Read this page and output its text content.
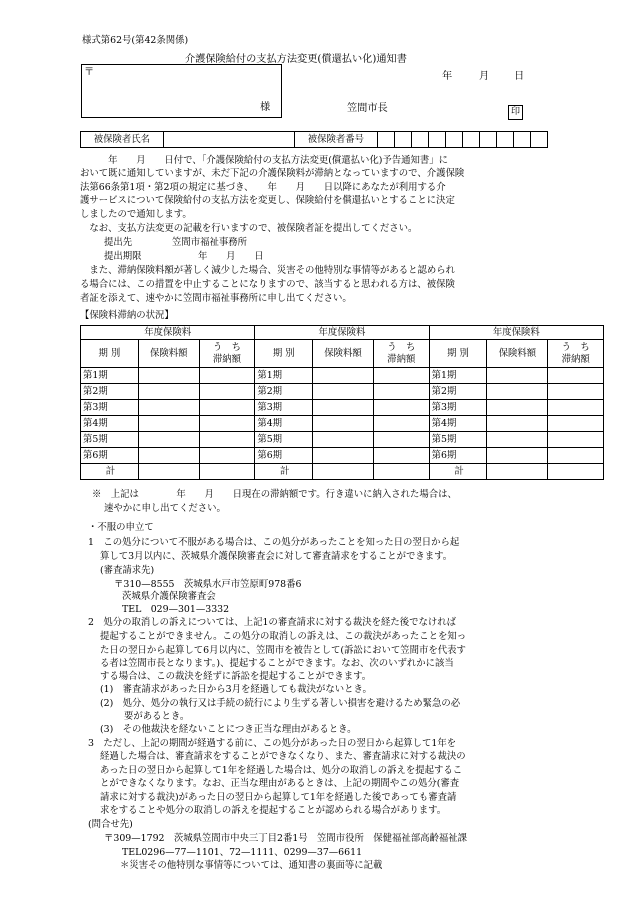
様式第62号(第42条関係)
介護保険給付の支払方法変更(償還払い化)通知書
〒
様
年	月 日
笠間市長	印
被保険者氏名		被保険者番号										
　　　年　　月　　日付で、「介護保険給付の支払方法変更(償還払い化)予告通知書」に
おいて既に通知していますが、未だ下記の介護保険料が滞納となっていますので、介護保険
法第66条第1項・第2項の規定に基づき、　　年　　月　　日以降にあなたが利用する介
護サービスについて保険給付の支払方法を変更し、保険給付を償還払いとすることに決定
しましたので通知します。
　なお、支払方法変更の記載を行いますので、被保険者証を提出してください。
提出先	笠間市福祉事務所
提出期限	年　　月　　日
　また、滞納保険料額が著しく減少した場合、災害その他特別な事情等があると認められ
る場合には、この措置を中止することになりますので、該当すると思われる方は、被保険
者証を添えて、速やかに笠間市福祉事務所に申し出てください。
【保険料滞納の状況】
年度保険料			年度保険料			年度保険料		
期 別	保険料額	う　ち
滞納額	期 別	保険料額	う　ち
滞納額	期 別	保険料額	う　ち
滞納額
第1期			第1期			第1期		
第2期			第2期			第2期		
第3期			第3期			第3期		
第4期			第4期			第4期		
第5期			第5期			第5期		
第6期			第6期			第6期		
計			計			計		
※　上記は　　　　年　　月　　日現在の滞納額です。行き違いに納入された場合は、
速やかに申し出てください。
・不服の申立て
1　この処分について不服がある場合は、この処分があったことを知った日の翌日から起
算して3月以内に、茨城県介護保険審査会に対して審査請求をすることができます。
(審査請求先)
〒310—8555　茨城県水戸市笠原町978番6
茨城県介護保険審査会
TEL　029—301—3332
2　処分の取消しの訴えについては、上記1の審査請求に対する裁決を経た後でなければ
提起することができません。この処分の取消しの訴えは、この裁決があったことを知っ
た日の翌日から起算して6月以内に、笠間市を被告として(訴訟において笠間市を代表す
る者は笠間市長となります。)、提起することができます。なお、次のいずれかに該当
する場合は、この裁決を経ずに訴訟を提起することができます。
(1)　審査請求があった日から3月を経過しても裁決がないとき。
(2)　処分、処分の執行又は手続の続行により生ずる著しい損害を避けるため緊急の必
要があるとき。
(3)　その他裁決を経ないことにつき正当な理由があるとき。
3　ただし、上記の期間が経過する前に、この処分があった日の翌日から起算して1年を
経過した場合は、審査請求をすることができなくなり、また、審査請求に対する裁決の
あった日の翌日から起算して1年を経過した場合は、処分の取消しの訴えを提起するこ
とができなくなります。なお、正当な理由があるときは、上記の期間やこの処分(審査
請求に対する裁決)があった日の翌日から起算して1年を経過した後であっても審査請
求をすることや処分の取消しの訴えを提起することが認められる場合があります。
(問合せ先)
〒309—1792　茨城県笠間市中央三丁目2番1号　笠間市役所　保健福祉部高齢福祉課
TEL0296—77—1101、72—1111、0299—37—6611
＊災害その他特別な事情等については、通知書の裏面等に記載
